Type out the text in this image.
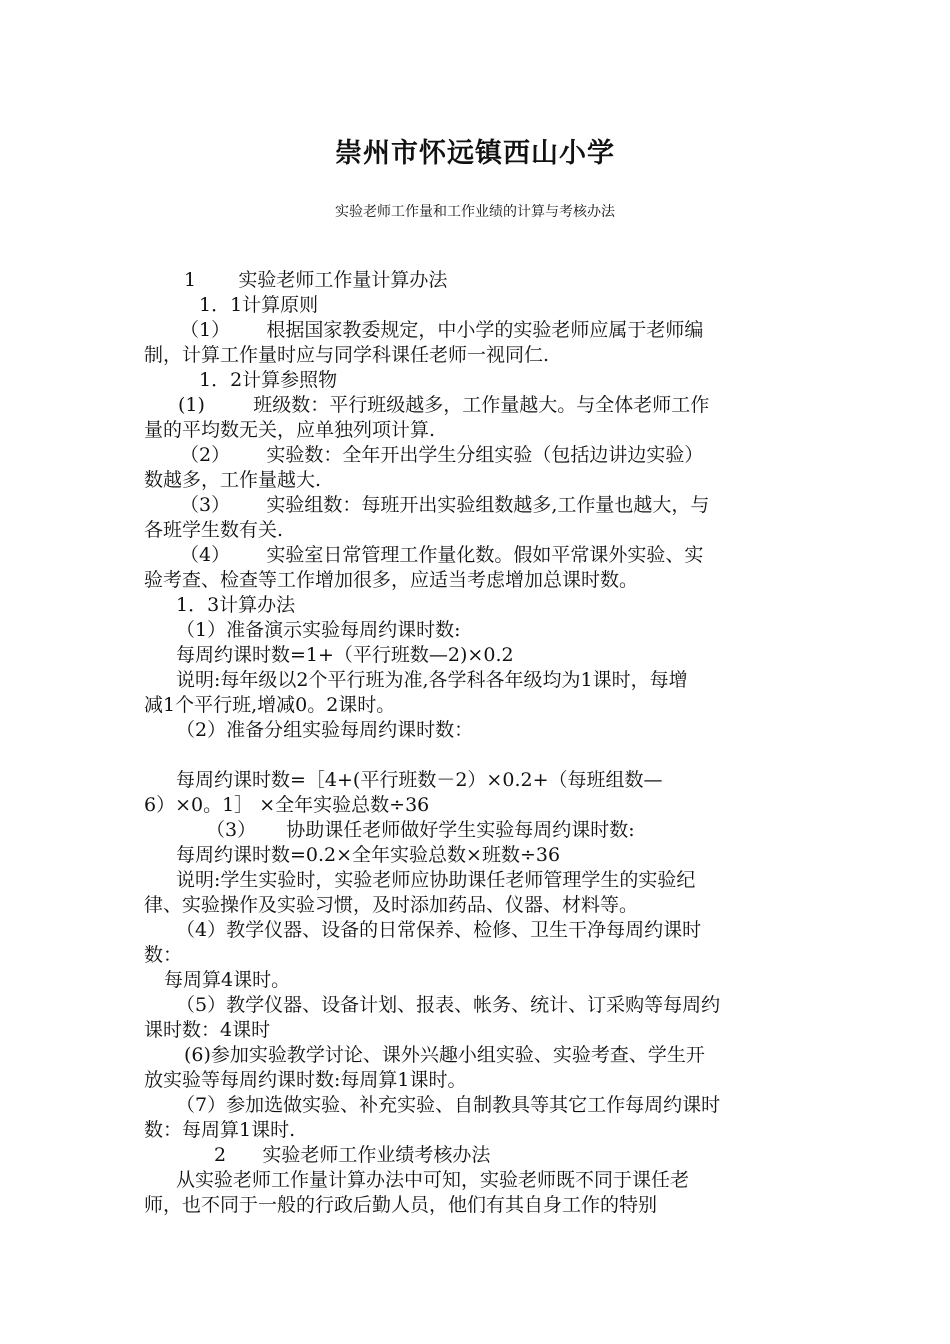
崇州市怀远镇西山小学
实验老师工作量和工作业绩的计算与考核办法
1       实验老师工作量计算办法
1．1计算原则
（1）      根据国家教委规定，中小学的实验老师应属于老师编
制，计算工作量时应与同学科课任老师一视同仁.
1．2计算参照物
(1)        班级数：平行班级越多，工作量越大。与全体老师工作
量的平均数无关，应单独列项计算.
（2）      实验数：全年开出学生分组实验（包括边讲边实验）
数越多，工作量越大.
（3）      实验组数：每班开出实验组数越多,工作量也越大，与
各班学生数有关.
（4）      实验室日常管理工作量化数。假如平常课外实验、实
验考查、检查等工作增加很多，应适当考虑增加总课时数。
1．3计算办法
（1）准备演示实验每周约课时数:
每周约课时数=1+（平行班数—2)×0.2
说明:每年级以2个平行班为准,各学科各年级均为1课时，每增
减1个平行班,增减0。2课时。
（2）准备分组实验每周约课时数：
每周约课时数=［4+(平行班数－2）×0.2+（每班组数—
6）×0。1］ ×全年实验总数÷36
（3）     协助课任老师做好学生实验每周约课时数:
每周约课时数=0.2×全年实验总数×班数÷36
说明:学生实验时，实验老师应协助课任老师管理学生的实验纪
律、实验操作及实验习惯，及时添加药品、仪器、材料等。
（4）教学仪器、设备的日常保养、检修、卫生干净每周约课时
数：
每周算4课时。
（5）教学仪器、设备计划、报表、帐务、统计、订采购等每周约
课时数：4课时
(6)参加实验教学讨论、课外兴趣小组实验、实验考查、学生开
放实验等每周约课时数:每周算1课时。
（7）参加选做实验、补充实验、自制教具等其它工作每周约课时
数：每周算1课时.
2      实验老师工作业绩考核办法
从实验老师工作量计算办法中可知，实验老师既不同于课任老
师，也不同于一般的行政后勤人员，他们有其自身工作的特别
